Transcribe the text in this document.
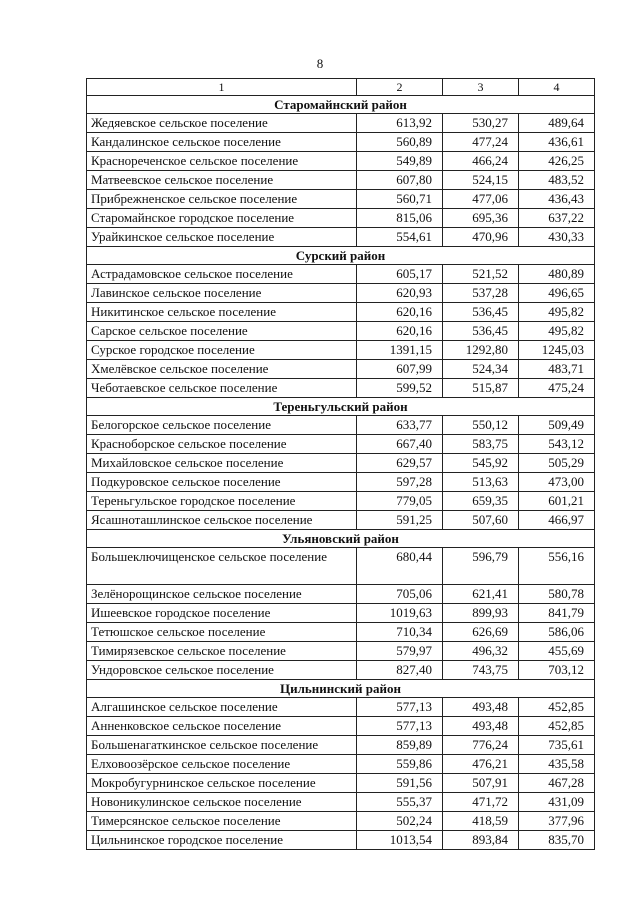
8
1	2	3	4
Старомайнский район			
Жедяевское сельское поселение	613,92	530,27	489,64
Кандалинское сельское поселение	560,89	477,24	436,61
Краснореченское сельское поселение	549,89	466,24	426,25
Матвеевское сельское поселение	607,80	524,15	483,52
Прибрежненское сельское поселение	560,71	477,06	436,43
Старомайнское городское поселение	815,06	695,36	637,22
Урайкинское сельское поселение	554,61	470,96	430,33
Сурский район			
Астрадамовское сельское поселение	605,17	521,52	480,89
Лавинское сельское поселение	620,93	537,28	496,65
Никитинское сельское поселение	620,16	536,45	495,82
Сарское сельское поселение	620,16	536,45	495,82
Сурское городское поселение	1391,15	1292,80	1245,03
Хмелёвское сельское поселение	607,99	524,34	483,71
Чеботаевское сельское поселение	599,52	515,87	475,24
Тереньгульский район			
Белогорское сельское поселение	633,77	550,12	509,49
Красноборское сельское поселение	667,40	583,75	543,12
Михайловское сельское поселение	629,57	545,92	505,29
Подкуровское сельское поселение	597,28	513,63	473,00
Тереньгульское городское поселение	779,05	659,35	601,21
Ясашноташлинское сельское поселение	591,25	507,60	466,97
Ульяновский район			
Большеключищенское сельское поселение	680,44	596,79	556,16
Зелёнорощинское сельское поселение	705,06	621,41	580,78
Ишеевское городское поселение	1019,63	899,93	841,79
Тетюшское сельское поселение	710,34	626,69	586,06
Тимирязевское сельское поселение	579,97	496,32	455,69
Ундоровское сельское поселение	827,40	743,75	703,12
Цильнинский район			
Алгашинское сельское поселение	577,13	493,48	452,85
Анненковское сельское поселение	577,13	493,48	452,85
Большенагаткинское сельское поселение	859,89	776,24	735,61
Елховоозёрское сельское поселение	559,86	476,21	435,58
Мокробугурнинское сельское поселение	591,56	507,91	467,28
Новоникулинское сельское поселение	555,37	471,72	431,09
Тимерсянское сельское поселение	502,24	418,59	377,96
Цильнинское городское поселение	1013,54	893,84	835,70
